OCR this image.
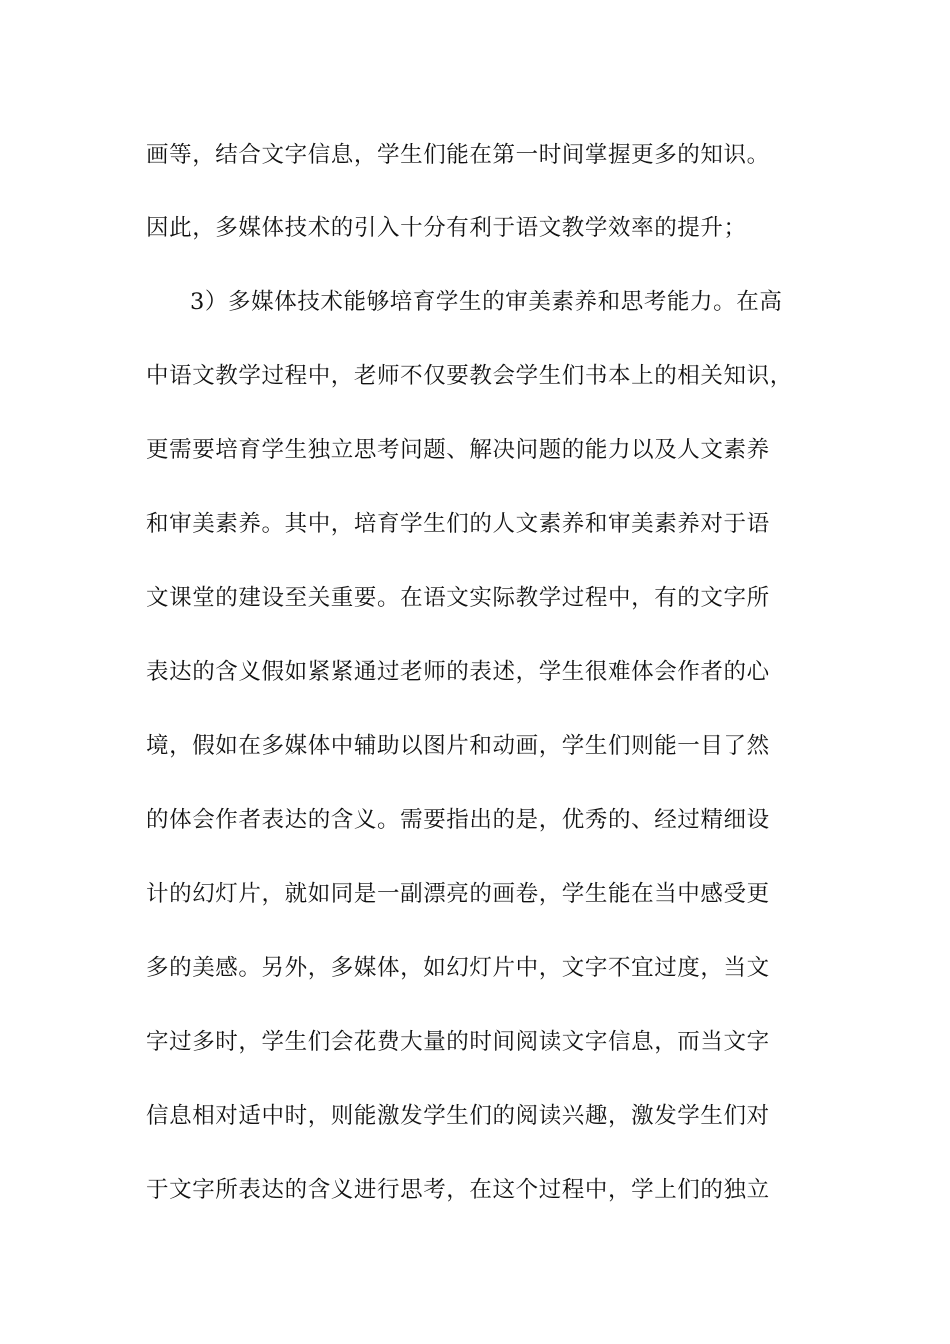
画等，结合文字信息，学生们能在第一时间掌握更多的知识。
因此，多媒体技术的引入十分有利于语文教学效率的提升；
3）多媒体技术能够培育学生的审美素养和思考能力。在高
中语文教学过程中，老师不仅要教会学生们书本上的相关知识，
更需要培育学生独立思考问题、解决问题的能力以及人文素养
和审美素养。其中，培育学生们的人文素养和审美素养对于语
文课堂的建设至关重要。在语文实际教学过程中，有的文字所
表达的含义假如紧紧通过老师的表述，学生很难体会作者的心
境，假如在多媒体中辅助以图片和动画，学生们则能一目了然
的体会作者表达的含义。需要指出的是，优秀的、经过精细设
计的幻灯片，就如同是一副漂亮的画卷，学生能在当中感受更
多的美感。另外，多媒体，如幻灯片中，文字不宜过度，当文
字过多时，学生们会花费大量的时间阅读文字信息，而当文字
信息相对适中时，则能激发学生们的阅读兴趣，激发学生们对
于文字所表达的含义进行思考，在这个过程中，学上们的独立
